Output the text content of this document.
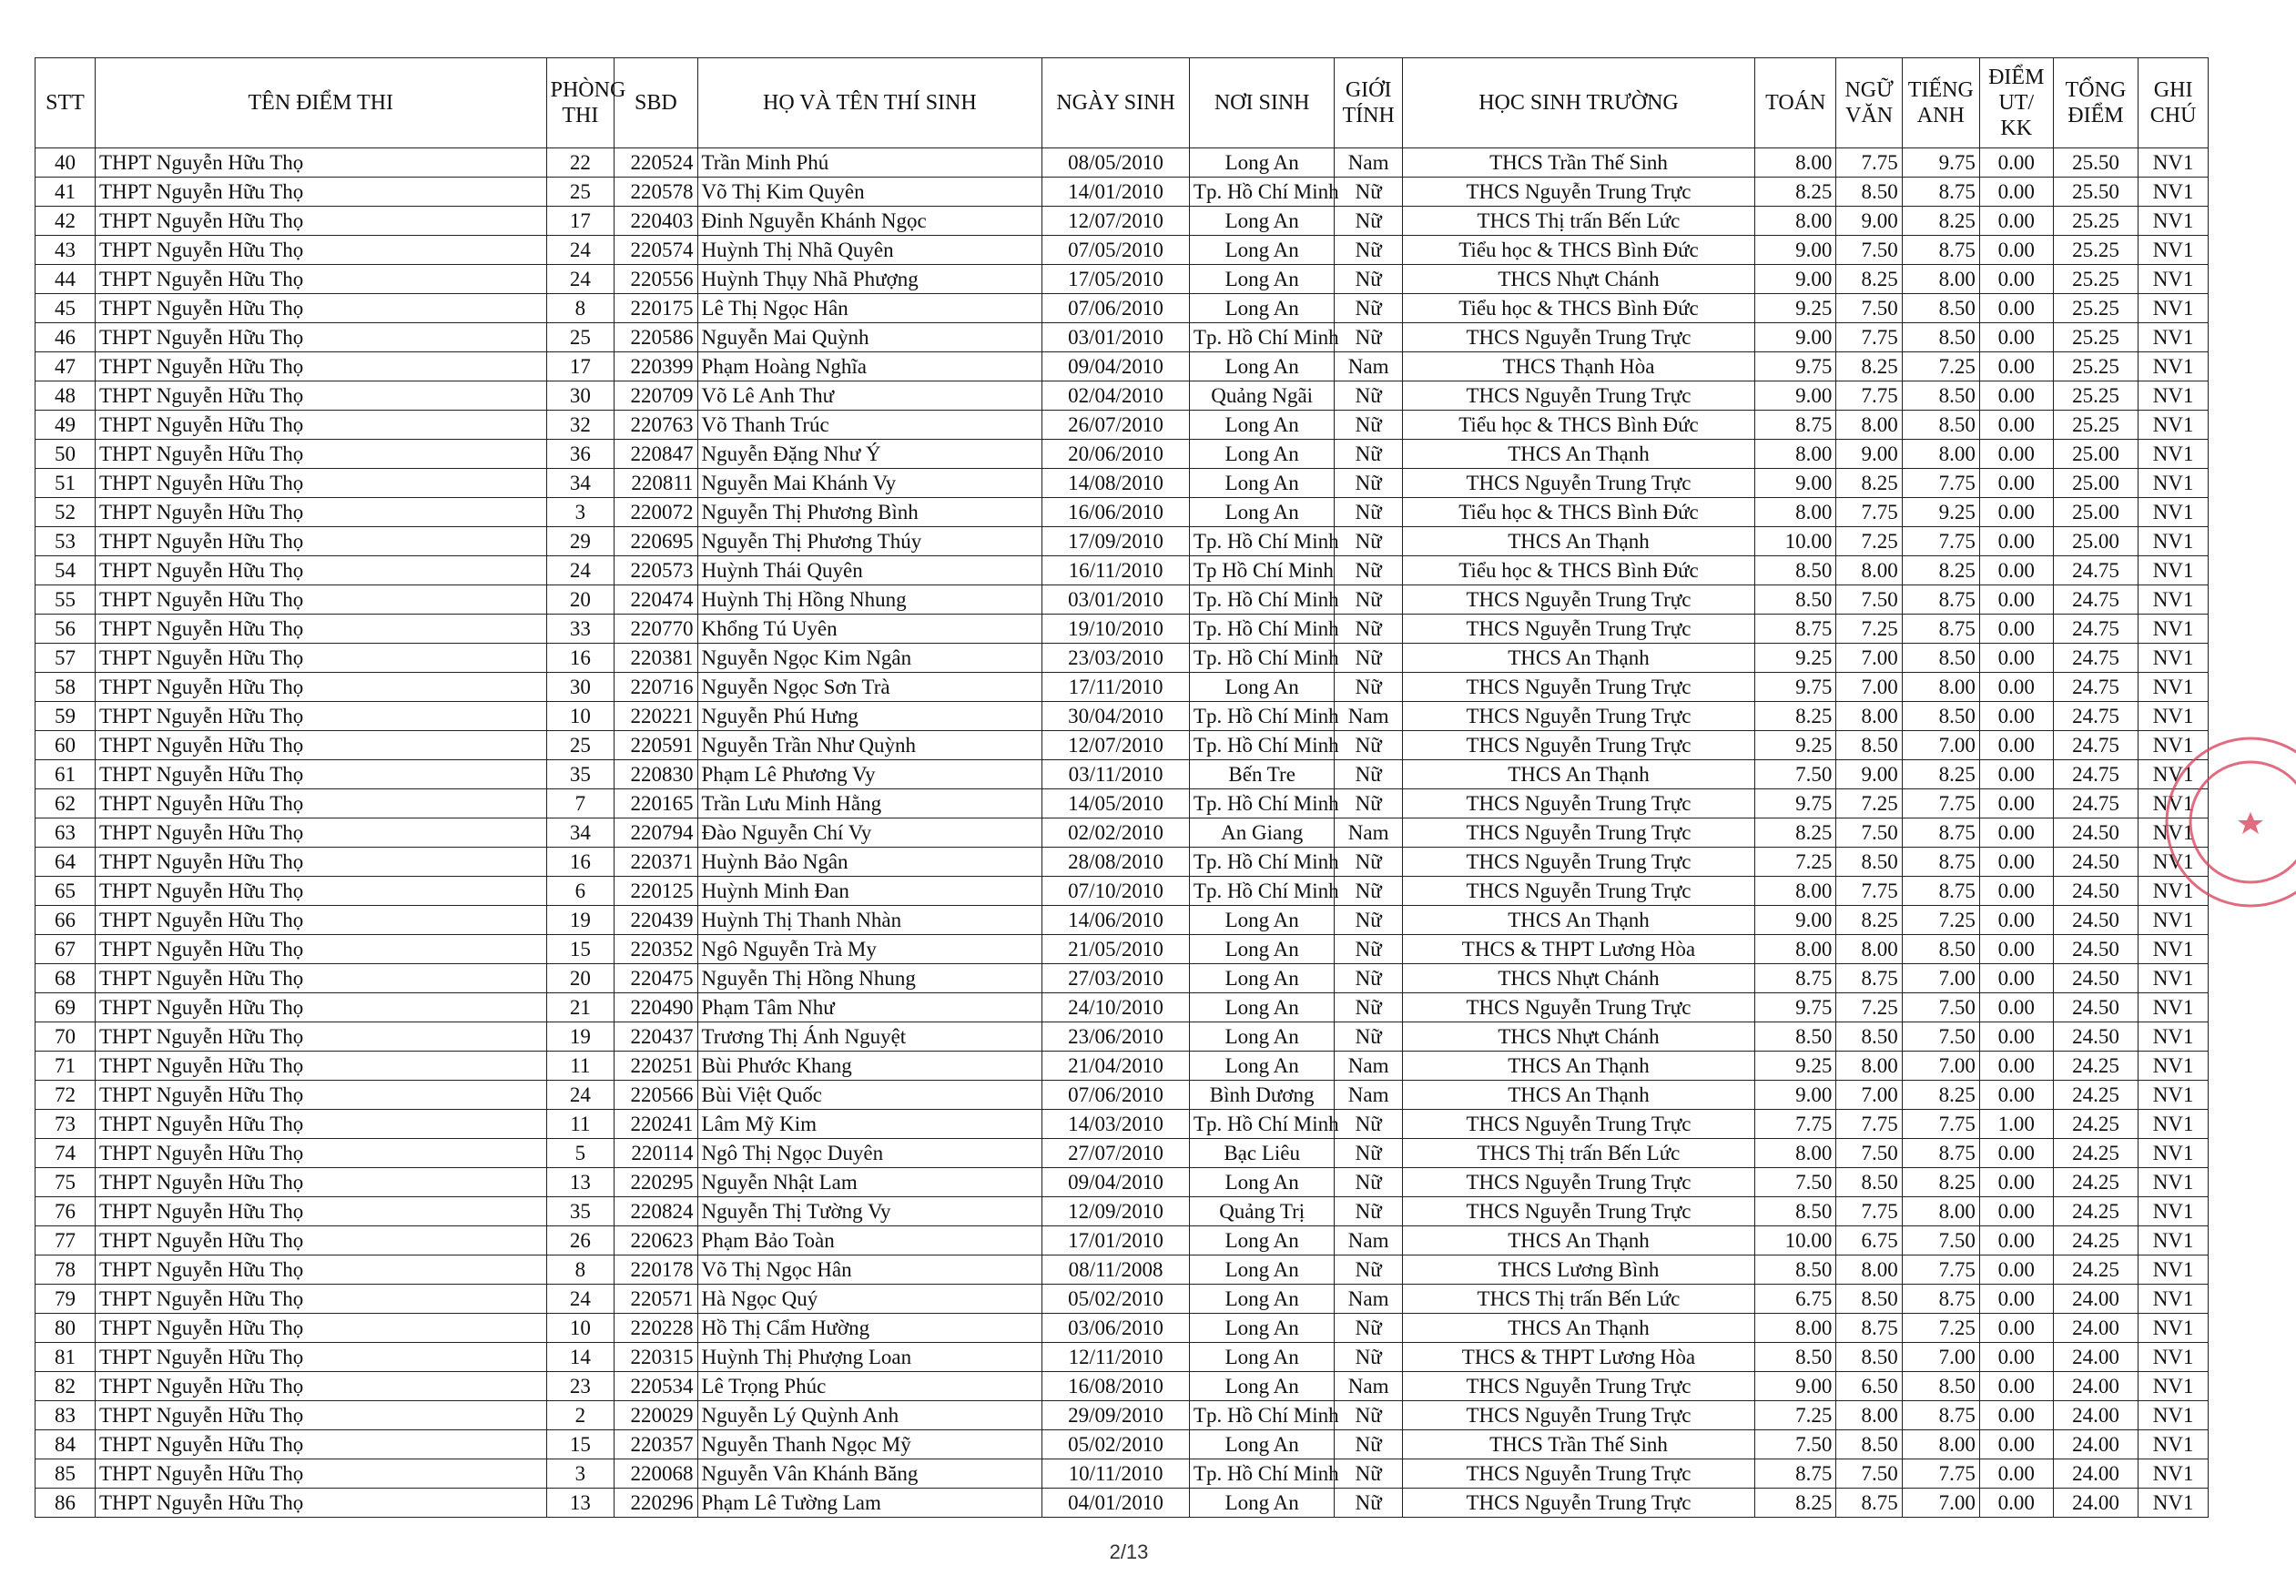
STT	TÊN ĐIỂM THI	PHÒNG THI	SBD	HỌ VÀ TÊN THÍ SINH	NGÀY SINH	NƠI SINH	GIỚI TÍNH	HỌC SINH TRƯỜNG	TOÁN	NGỮ VĂN	TIẾNG ANH	ĐIỂM UT/ KK	TỔNG ĐIỂM	GHI CHÚ
40	THPT Nguyễn Hữu Thọ	22	220524	Trần Minh Phú	08/05/2010	Long An	Nam	THCS Trần Thế Sinh	8.00	7.75	9.75	0.00	25.50	NV1
41	THPT Nguyễn Hữu Thọ	25	220578	Võ Thị Kim Quyên	14/01/2010	Tp. Hồ Chí Minh	Nữ	THCS Nguyễn Trung Trực	8.25	8.50	8.75	0.00	25.50	NV1
42	THPT Nguyễn Hữu Thọ	17	220403	Đinh Nguyễn Khánh Ngọc	12/07/2010	Long An	Nữ	THCS Thị trấn Bến Lức	8.00	9.00	8.25	0.00	25.25	NV1
43	THPT Nguyễn Hữu Thọ	24	220574	Huỳnh Thị Nhã Quyên	07/05/2010	Long An	Nữ	Tiểu học & THCS Bình Đức	9.00	7.50	8.75	0.00	25.25	NV1
44	THPT Nguyễn Hữu Thọ	24	220556	Huỳnh Thụy Nhã Phượng	17/05/2010	Long An	Nữ	THCS Nhựt Chánh	9.00	8.25	8.00	0.00	25.25	NV1
45	THPT Nguyễn Hữu Thọ	8	220175	Lê Thị Ngọc Hân	07/06/2010	Long An	Nữ	Tiểu học & THCS Bình Đức	9.25	7.50	8.50	0.00	25.25	NV1
46	THPT Nguyễn Hữu Thọ	25	220586	Nguyễn Mai Quỳnh	03/01/2010	Tp. Hồ Chí Minh	Nữ	THCS Nguyễn Trung Trực	9.00	7.75	8.50	0.00	25.25	NV1
47	THPT Nguyễn Hữu Thọ	17	220399	Phạm Hoàng Nghĩa	09/04/2010	Long An	Nam	THCS Thạnh Hòa	9.75	8.25	7.25	0.00	25.25	NV1
48	THPT Nguyễn Hữu Thọ	30	220709	Võ Lê Anh Thư	02/04/2010	Quảng Ngãi	Nữ	THCS Nguyễn Trung Trực	9.00	7.75	8.50	0.00	25.25	NV1
49	THPT Nguyễn Hữu Thọ	32	220763	Võ Thanh Trúc	26/07/2010	Long An	Nữ	Tiểu học & THCS Bình Đức	8.75	8.00	8.50	0.00	25.25	NV1
50	THPT Nguyễn Hữu Thọ	36	220847	Nguyễn Đặng Như Ý	20/06/2010	Long An	Nữ	THCS An Thạnh	8.00	9.00	8.00	0.00	25.00	NV1
51	THPT Nguyễn Hữu Thọ	34	220811	Nguyễn Mai Khánh Vy	14/08/2010	Long An	Nữ	THCS Nguyễn Trung Trực	9.00	8.25	7.75	0.00	25.00	NV1
52	THPT Nguyễn Hữu Thọ	3	220072	Nguyễn Thị Phương Bình	16/06/2010	Long An	Nữ	Tiểu học & THCS Bình Đức	8.00	7.75	9.25	0.00	25.00	NV1
53	THPT Nguyễn Hữu Thọ	29	220695	Nguyễn Thị Phương Thúy	17/09/2010	Tp. Hồ Chí Minh	Nữ	THCS An Thạnh	10.00	7.25	7.75	0.00	25.00	NV1
54	THPT Nguyễn Hữu Thọ	24	220573	Huỳnh Thái Quyên	16/11/2010	Tp Hồ Chí Minh	Nữ	Tiểu học & THCS Bình Đức	8.50	8.00	8.25	0.00	24.75	NV1
55	THPT Nguyễn Hữu Thọ	20	220474	Huỳnh Thị Hồng Nhung	03/01/2010	Tp. Hồ Chí Minh	Nữ	THCS Nguyễn Trung Trực	8.50	7.50	8.75	0.00	24.75	NV1
56	THPT Nguyễn Hữu Thọ	33	220770	Khổng Tú Uyên	19/10/2010	Tp. Hồ Chí Minh	Nữ	THCS Nguyễn Trung Trực	8.75	7.25	8.75	0.00	24.75	NV1
57	THPT Nguyễn Hữu Thọ	16	220381	Nguyễn Ngọc Kim Ngân	23/03/2010	Tp. Hồ Chí Minh	Nữ	THCS An Thạnh	9.25	7.00	8.50	0.00	24.75	NV1
58	THPT Nguyễn Hữu Thọ	30	220716	Nguyễn Ngọc Sơn Trà	17/11/2010	Long An	Nữ	THCS Nguyễn Trung Trực	9.75	7.00	8.00	0.00	24.75	NV1
59	THPT Nguyễn Hữu Thọ	10	220221	Nguyễn Phú Hưng	30/04/2010	Tp. Hồ Chí Minh	Nam	THCS Nguyễn Trung Trực	8.25	8.00	8.50	0.00	24.75	NV1
60	THPT Nguyễn Hữu Thọ	25	220591	Nguyễn Trần Như Quỳnh	12/07/2010	Tp. Hồ Chí Minh	Nữ	THCS Nguyễn Trung Trực	9.25	8.50	7.00	0.00	24.75	NV1
61	THPT Nguyễn Hữu Thọ	35	220830	Phạm Lê Phương Vy	03/11/2010	Bến Tre	Nữ	THCS An Thạnh	7.50	9.00	8.25	0.00	24.75	NV1
62	THPT Nguyễn Hữu Thọ	7	220165	Trần Lưu Minh Hằng	14/05/2010	Tp. Hồ Chí Minh	Nữ	THCS Nguyễn Trung Trực	9.75	7.25	7.75	0.00	24.75	NV1
63	THPT Nguyễn Hữu Thọ	34	220794	Đào Nguyễn Chí Vy	02/02/2010	An Giang	Nam	THCS Nguyễn Trung Trực	8.25	7.50	8.75	0.00	24.50	NV1
64	THPT Nguyễn Hữu Thọ	16	220371	Huỳnh Bảo Ngân	28/08/2010	Tp. Hồ Chí Minh	Nữ	THCS Nguyễn Trung Trực	7.25	8.50	8.75	0.00	24.50	NV1
65	THPT Nguyễn Hữu Thọ	6	220125	Huỳnh Minh Đan	07/10/2010	Tp. Hồ Chí Minh	Nữ	THCS Nguyễn Trung Trực	8.00	7.75	8.75	0.00	24.50	NV1
66	THPT Nguyễn Hữu Thọ	19	220439	Huỳnh Thị Thanh Nhàn	14/06/2010	Long An	Nữ	THCS An Thạnh	9.00	8.25	7.25	0.00	24.50	NV1
67	THPT Nguyễn Hữu Thọ	15	220352	Ngô Nguyễn Trà My	21/05/2010	Long An	Nữ	THCS & THPT Lương Hòa	8.00	8.00	8.50	0.00	24.50	NV1
68	THPT Nguyễn Hữu Thọ	20	220475	Nguyễn Thị Hồng Nhung	27/03/2010	Long An	Nữ	THCS Nhựt Chánh	8.75	8.75	7.00	0.00	24.50	NV1
69	THPT Nguyễn Hữu Thọ	21	220490	Phạm Tâm Như	24/10/2010	Long An	Nữ	THCS Nguyễn Trung Trực	9.75	7.25	7.50	0.00	24.50	NV1
70	THPT Nguyễn Hữu Thọ	19	220437	Trương Thị Ánh Nguyệt	23/06/2010	Long An	Nữ	THCS Nhựt Chánh	8.50	8.50	7.50	0.00	24.50	NV1
71	THPT Nguyễn Hữu Thọ	11	220251	Bùi Phước Khang	21/04/2010	Long An	Nam	THCS An Thạnh	9.25	8.00	7.00	0.00	24.25	NV1
72	THPT Nguyễn Hữu Thọ	24	220566	Bùi Việt Quốc	07/06/2010	Bình Dương	Nam	THCS An Thạnh	9.00	7.00	8.25	0.00	24.25	NV1
73	THPT Nguyễn Hữu Thọ	11	220241	Lâm Mỹ Kim	14/03/2010	Tp. Hồ Chí Minh	Nữ	THCS Nguyễn Trung Trực	7.75	7.75	7.75	1.00	24.25	NV1
74	THPT Nguyễn Hữu Thọ	5	220114	Ngô Thị Ngọc Duyên	27/07/2010	Bạc Liêu	Nữ	THCS Thị trấn Bến Lức	8.00	7.50	8.75	0.00	24.25	NV1
75	THPT Nguyễn Hữu Thọ	13	220295	Nguyễn Nhật Lam	09/04/2010	Long An	Nữ	THCS Nguyễn Trung Trực	7.50	8.50	8.25	0.00	24.25	NV1
76	THPT Nguyễn Hữu Thọ	35	220824	Nguyễn Thị Tường Vy	12/09/2010	Quảng Trị	Nữ	THCS Nguyễn Trung Trực	8.50	7.75	8.00	0.00	24.25	NV1
77	THPT Nguyễn Hữu Thọ	26	220623	Phạm Bảo Toàn	17/01/2010	Long An	Nam	THCS An Thạnh	10.00	6.75	7.50	0.00	24.25	NV1
78	THPT Nguyễn Hữu Thọ	8	220178	Võ Thị Ngọc Hân	08/11/2008	Long An	Nữ	THCS Lương Bình	8.50	8.00	7.75	0.00	24.25	NV1
79	THPT Nguyễn Hữu Thọ	24	220571	Hà Ngọc Quý	05/02/2010	Long An	Nam	THCS Thị trấn Bến Lức	6.75	8.50	8.75	0.00	24.00	NV1
80	THPT Nguyễn Hữu Thọ	10	220228	Hồ Thị Cẩm Hường	03/06/2010	Long An	Nữ	THCS An Thạnh	8.00	8.75	7.25	0.00	24.00	NV1
81	THPT Nguyễn Hữu Thọ	14	220315	Huỳnh Thị Phượng Loan	12/11/2010	Long An	Nữ	THCS & THPT Lương Hòa	8.50	8.50	7.00	0.00	24.00	NV1
82	THPT Nguyễn Hữu Thọ	23	220534	Lê Trọng Phúc	16/08/2010	Long An	Nam	THCS Nguyễn Trung Trực	9.00	6.50	8.50	0.00	24.00	NV1
83	THPT Nguyễn Hữu Thọ	2	220029	Nguyễn Lý Quỳnh Anh	29/09/2010	Tp. Hồ Chí Minh	Nữ	THCS Nguyễn Trung Trực	7.25	8.00	8.75	0.00	24.00	NV1
84	THPT Nguyễn Hữu Thọ	15	220357	Nguyễn Thanh Ngọc Mỹ	05/02/2010	Long An	Nữ	THCS Trần Thế Sinh	7.50	8.50	8.00	0.00	24.00	NV1
85	THPT Nguyễn Hữu Thọ	3	220068	Nguyễn Vân Khánh Băng	10/11/2010	Tp. Hồ Chí Minh	Nữ	THCS Nguyễn Trung Trực	8.75	7.50	7.75	0.00	24.00	NV1
86	THPT Nguyễn Hữu Thọ	13	220296	Phạm Lê Tường Lam	04/01/2010	Long An	Nữ	THCS Nguyễn Trung Trực	8.25	8.75	7.00	0.00	24.00	NV1
2/13
